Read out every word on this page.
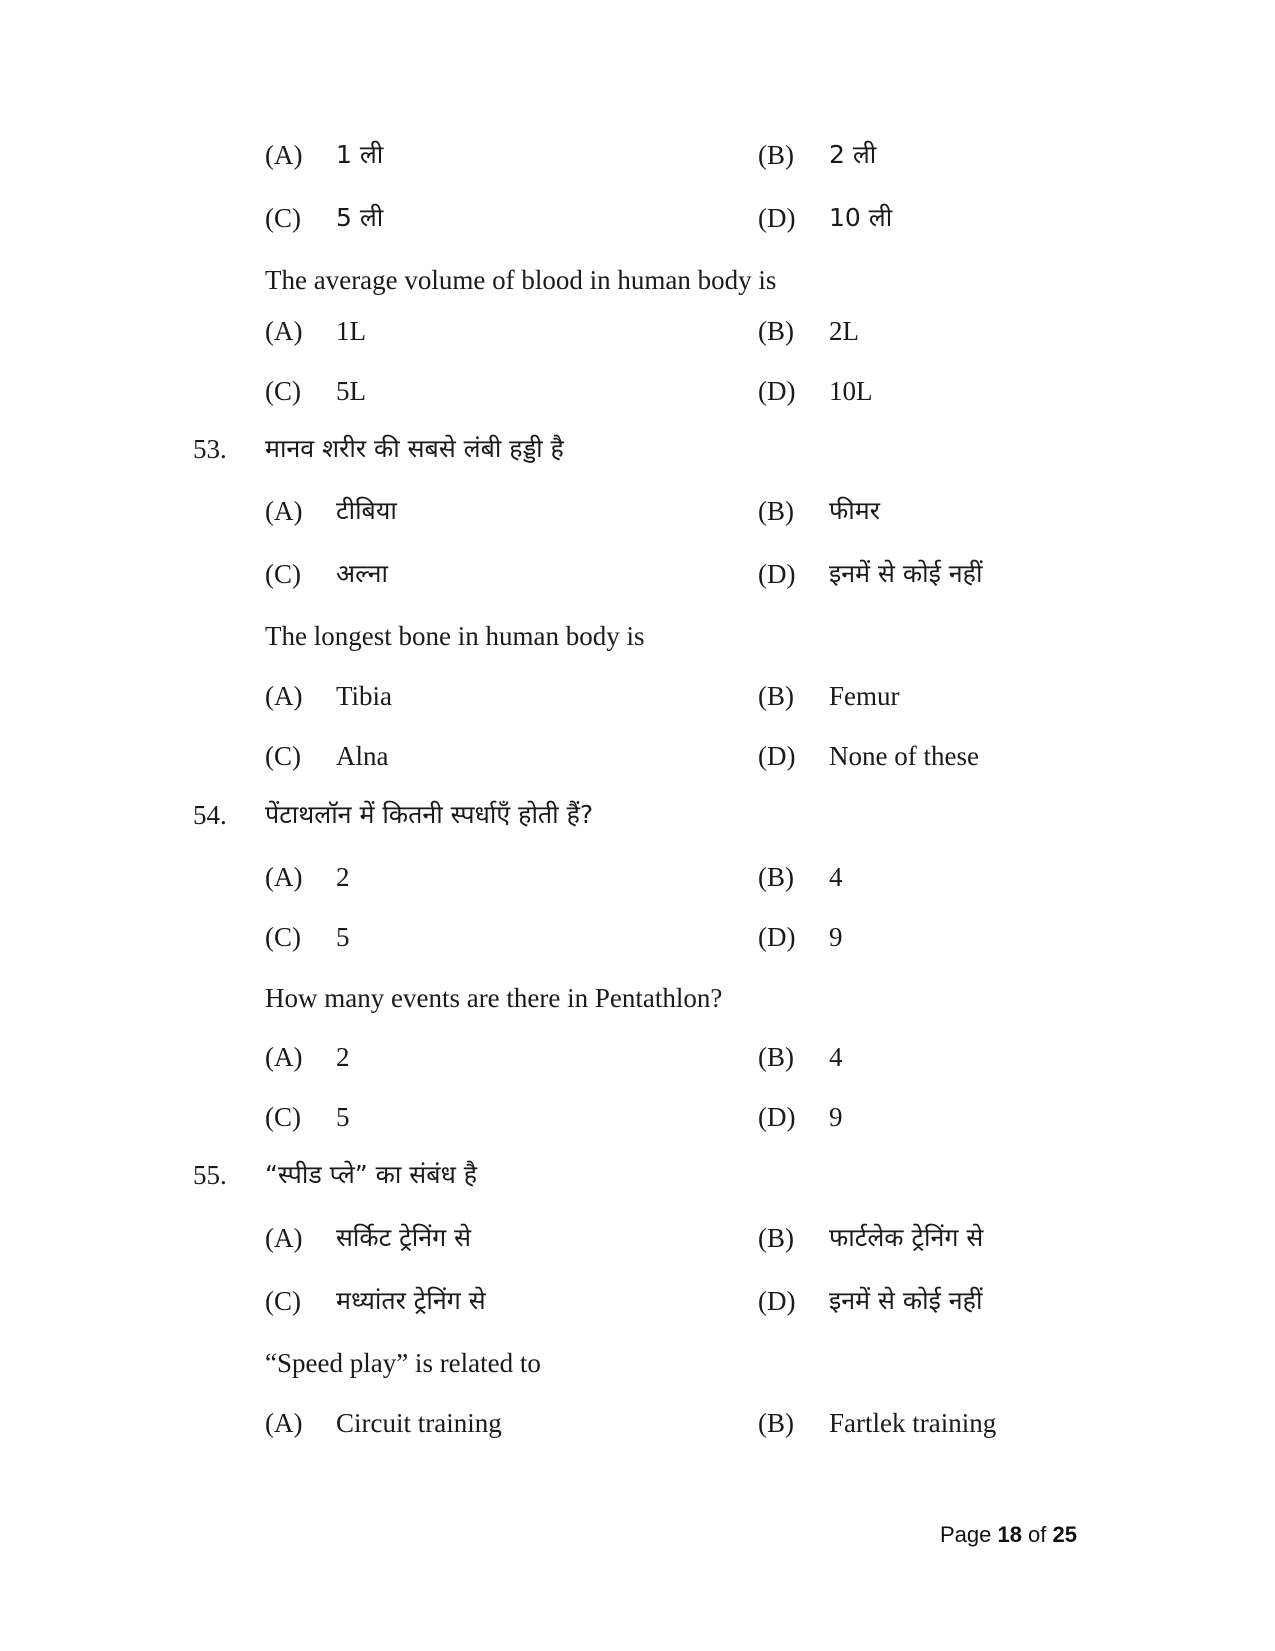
(A) 1 ली	(B) 2 ली
(C) 5 ली	(D) 10 ली
The average volume of blood in human body is
(A) 1L	(B) 2L
(C) 5L	(D) 10L
53. मानव शरीर की सबसे लंबी हड्डी है
(A) टीबिया	(B) फीमर
(C) अल्ना	(D) इनमें से कोई नहीं
The longest bone in human body is
(A) Tibia	(B) Femur
(C) Alna	(D) None of these
54. पेंटाथलॉन में कितनी स्पर्धाएँ होती हैं?
(A) 2	(B) 4
(C) 5	(D) 9
How many events are there in Pentathlon?
(A) 2	(B) 4
(C) 5	(D) 9
55. “स्पीड प्ले” का संबंध है
(A) सर्किट ट्रेनिंग से	(B) फार्टलेक ट्रेनिंग से
(C) मध्यांतर ट्रेनिंग से	(D) इनमें से कोई नहीं
“Speed play” is related to
(A) Circuit training	(B) Fartlek training
Page 18 of 25
